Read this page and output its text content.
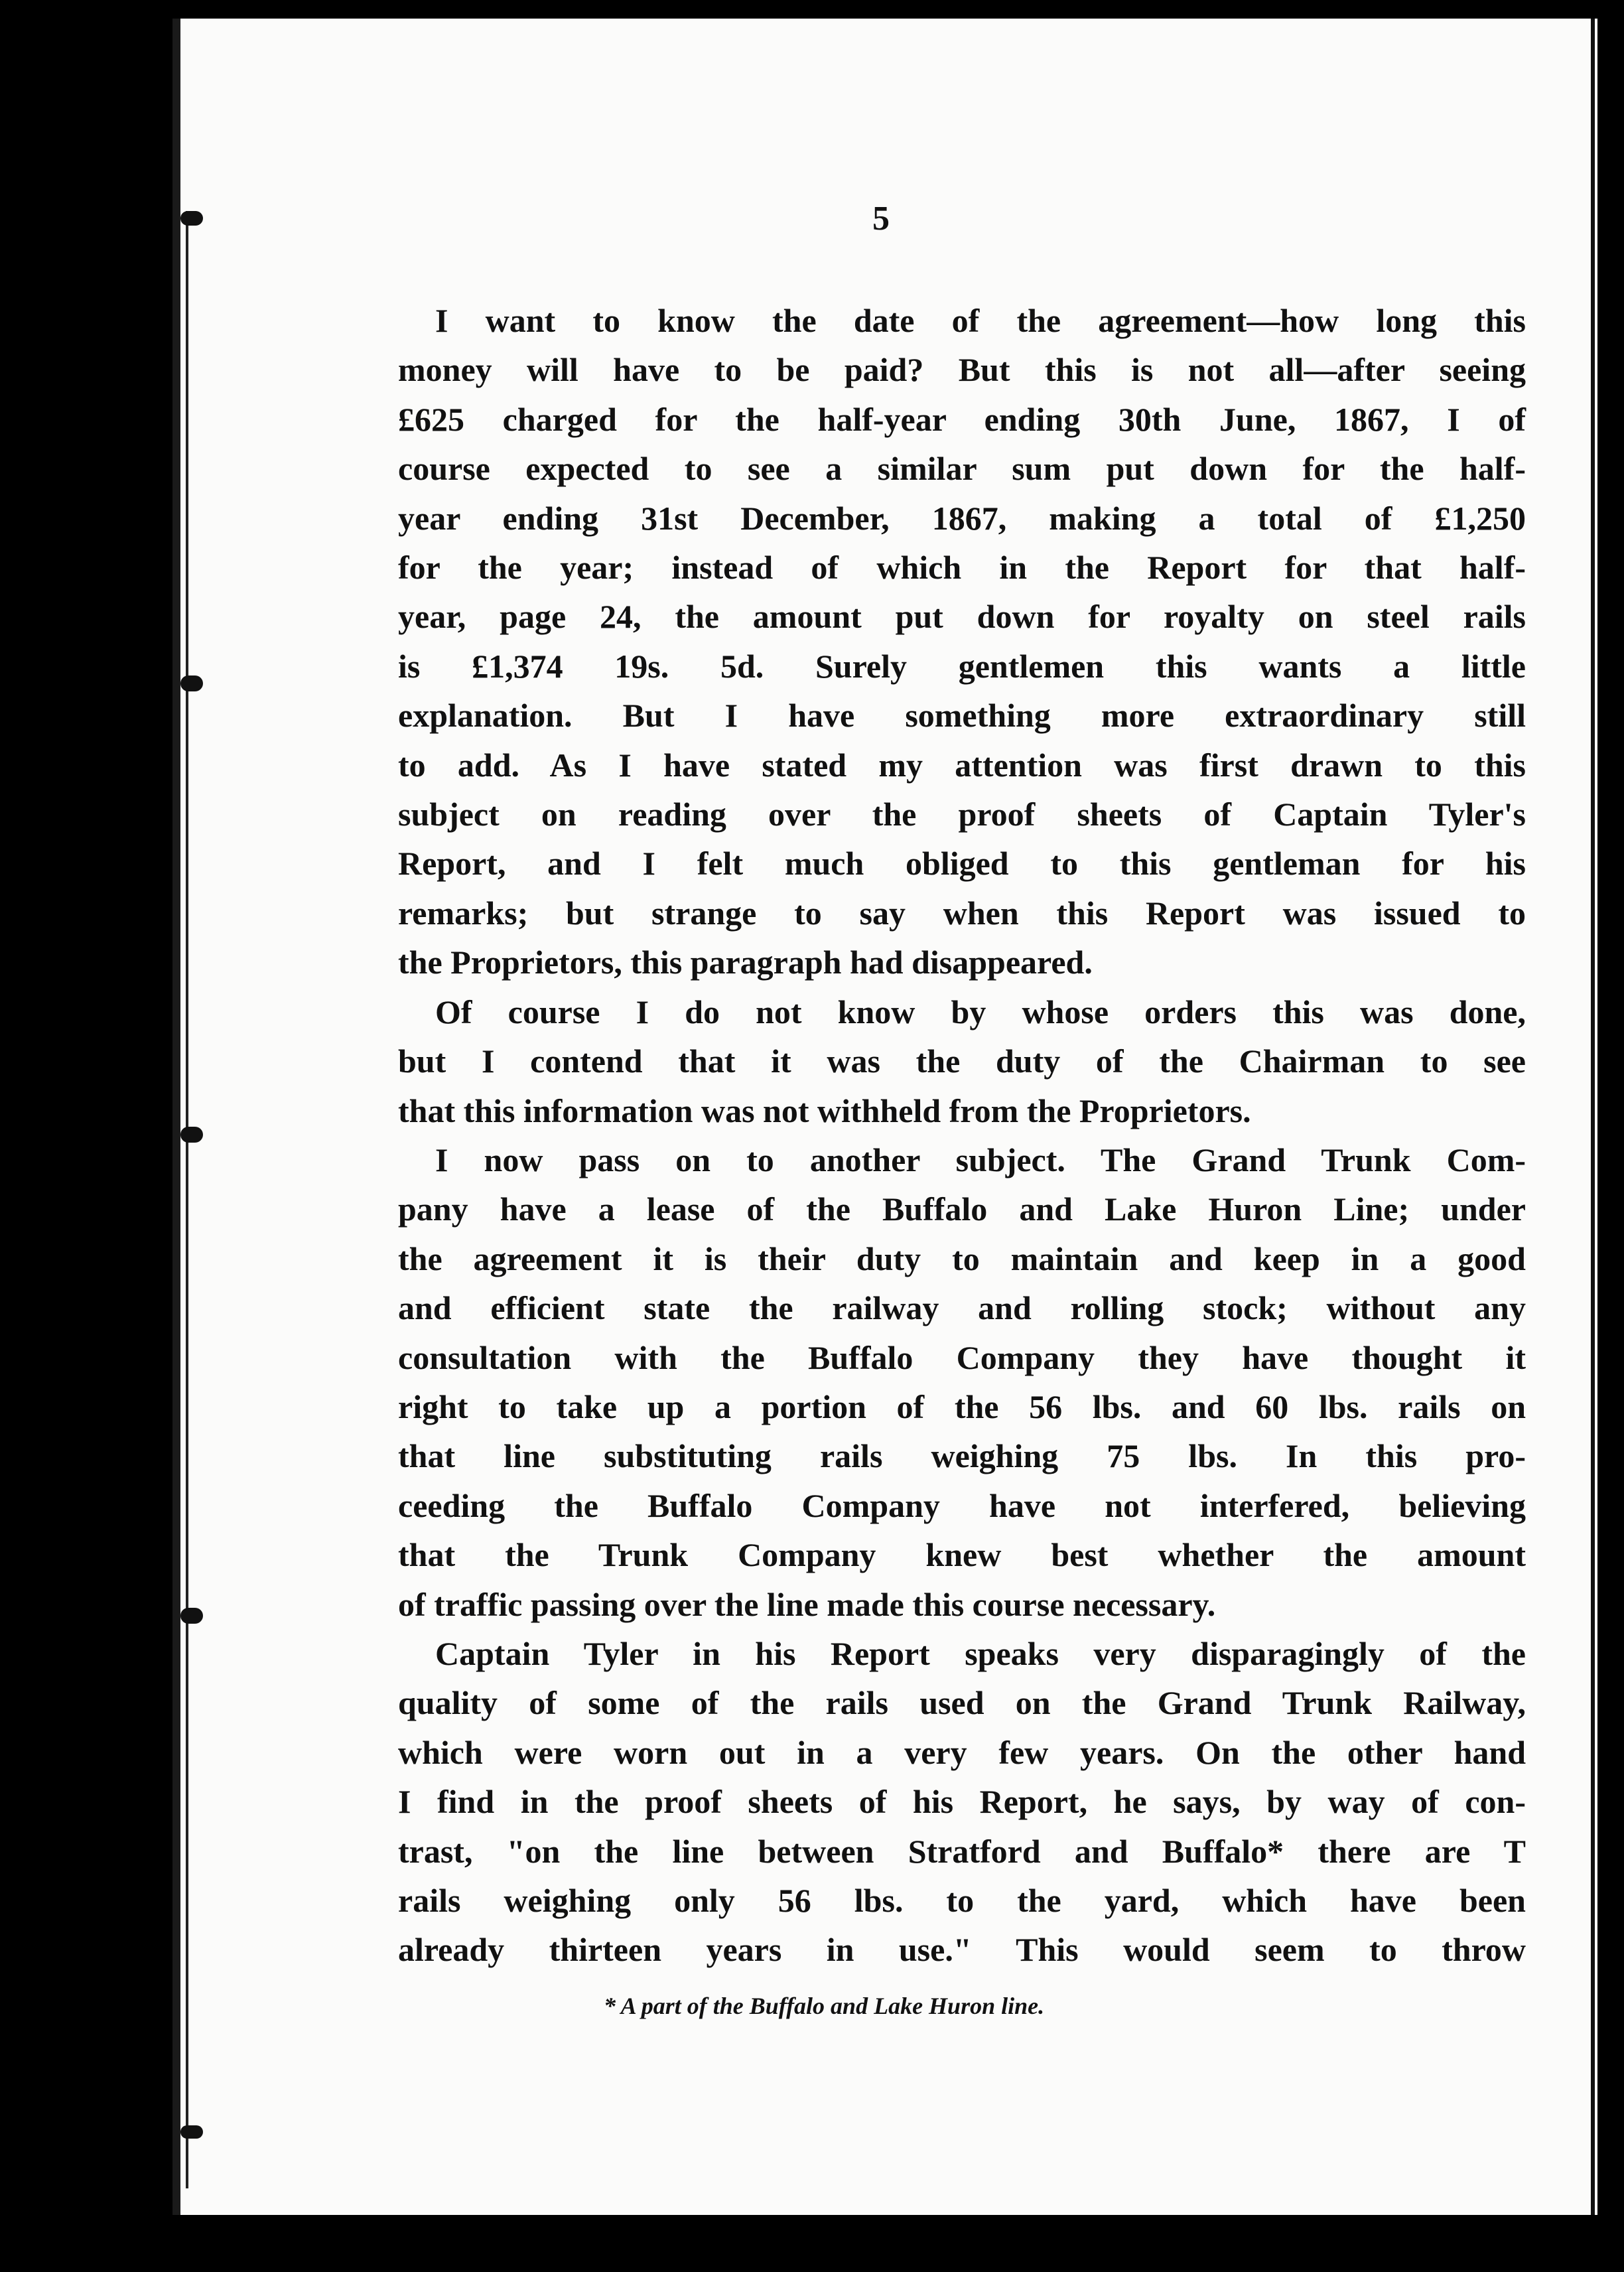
5
I want to know the date of the agreement—how long this
money will have to be paid? But this is not all—after seeing
£625 charged for the half-year ending 30th June, 1867, I of
course expected to see a similar sum put down for the half-
year ending 31st December, 1867, making a total of £1,250
for the year; instead of which in the Report for that half-
year, page 24, the amount put down for royalty on steel rails
is £1,374 19s. 5d. Surely gentlemen this wants a little
explanation. But I have something more extraordinary still
to add. As I have stated my attention was first drawn to this
subject on reading over the proof sheets of Captain Tyler's
Report, and I felt much obliged to this gentleman for his
remarks; but strange to say when this Report was issued to
the Proprietors, this paragraph had disappeared.
Of course I do not know by whose orders this was done,
but I contend that it was the duty of the Chairman to see
that this information was not withheld from the Proprietors.
I now pass on to another subject. The Grand Trunk Com-
pany have a lease of the Buffalo and Lake Huron Line; under
the agreement it is their duty to maintain and keep in a good
and efficient state the railway and rolling stock; without any
consultation with the Buffalo Company they have thought it
right to take up a portion of the 56 lbs. and 60 lbs. rails on
that line substituting rails weighing 75 lbs. In this pro-
ceeding the Buffalo Company have not interfered, believing
that the Trunk Company knew best whether the amount
of traffic passing over the line made this course necessary.
Captain Tyler in his Report speaks very disparagingly of the
quality of some of the rails used on the Grand Trunk Railway,
which were worn out in a very few years. On the other hand
I find in the proof sheets of his Report, he says, by way of con-
trast, "on the line between Stratford and Buffalo* there are T
rails weighing only 56 lbs. to the yard, which have been
already thirteen years in use." This would seem to throw
* A part of the Buffalo and Lake Huron line.
